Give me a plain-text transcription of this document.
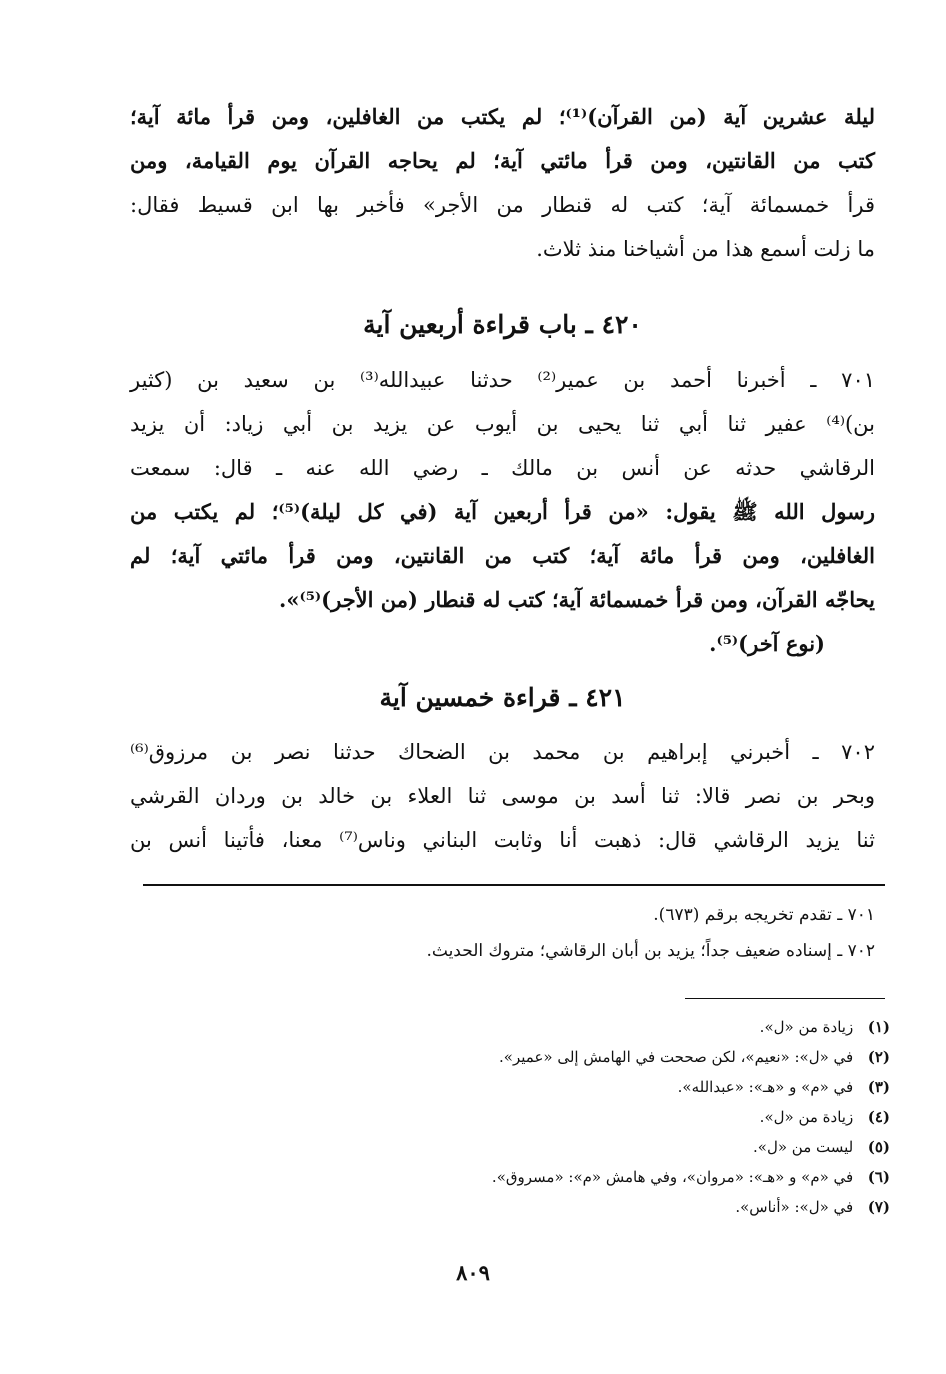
ليلة عشرين آية (من القرآن)⁽¹⁾؛ لم يكتب من الغافلين، ومن قرأ مائة آية؛
كتب من القانتين، ومن قرأ مائتي آية؛ لم يحاجه القرآن يوم القيامة، ومن
قرأ خمسمائة آية؛ كتب له قنطار من الأجر» فأخبر بها ابن قسيط فقال:
ما زلت أسمع هذا من أشياخنا منذ ثلاث.
٤٢٠ ـ باب قراءة أربعين آية
٧٠١ ـ أخبرنا أحمد بن عمير⁽²⁾ حدثنا عبيدالله⁽³⁾ بن سعيد بن (كثير
بن)⁽⁴⁾ عفير ثنا أبي ثنا يحيى بن أيوب عن يزيد بن أبي زياد: أن يزيد
الرقاشي حدثه عن أنس بن مالك ـ رضي الله عنه ـ قال: سمعت
رسول الله ﷺ يقول: «من قرأ أربعين آية (في كل ليلة)⁽⁵⁾؛ لم يكتب من
الغافلين، ومن قرأ مائة آية؛ كتب من القانتين، ومن قرأ مائتي آية؛ لم
يحاجّه القرآن، ومن قرأ خمسمائة آية؛ كتب له قنطار (من الأجر)⁽⁵⁾».
(نوع آخر)⁽⁵⁾.
٤٢١ ـ قراءة خمسين آية
٧٠٢ ـ أخبرني إبراهيم بن محمد بن الضحاك حدثنا نصر بن مرزوق⁽⁶⁾
وبحر بن نصر قالا: ثنا أسد بن موسى ثنا العلاء بن خالد بن وردان القرشي
ثنا يزيد الرقاشي قال: ذهبت أنا وثابت البناني وناس⁽⁷⁾ معنا، فأتينا أنس بن
٧٠١ ـ تقدم تخريجه برقم (٦٧٣).
٧٠٢ ـ إسناده ضعيف جداً؛ يزيد بن أبان الرقاشي؛ متروك الحديث.
(١) زيادة من «ل».
(٢) في «ل»: «نعيم»، لكن صححت في الهامش إلى «عمير».
(٣) في «م» و «هـ»: «عبدالله».
(٤) زيادة من «ل».
(٥) ليست من «ل».
(٦) في «م» و «هـ»: «مروان»، وفي هامش «م»: «مسروق».
(٧) في «ل»: «أناس».
٨٠٩
